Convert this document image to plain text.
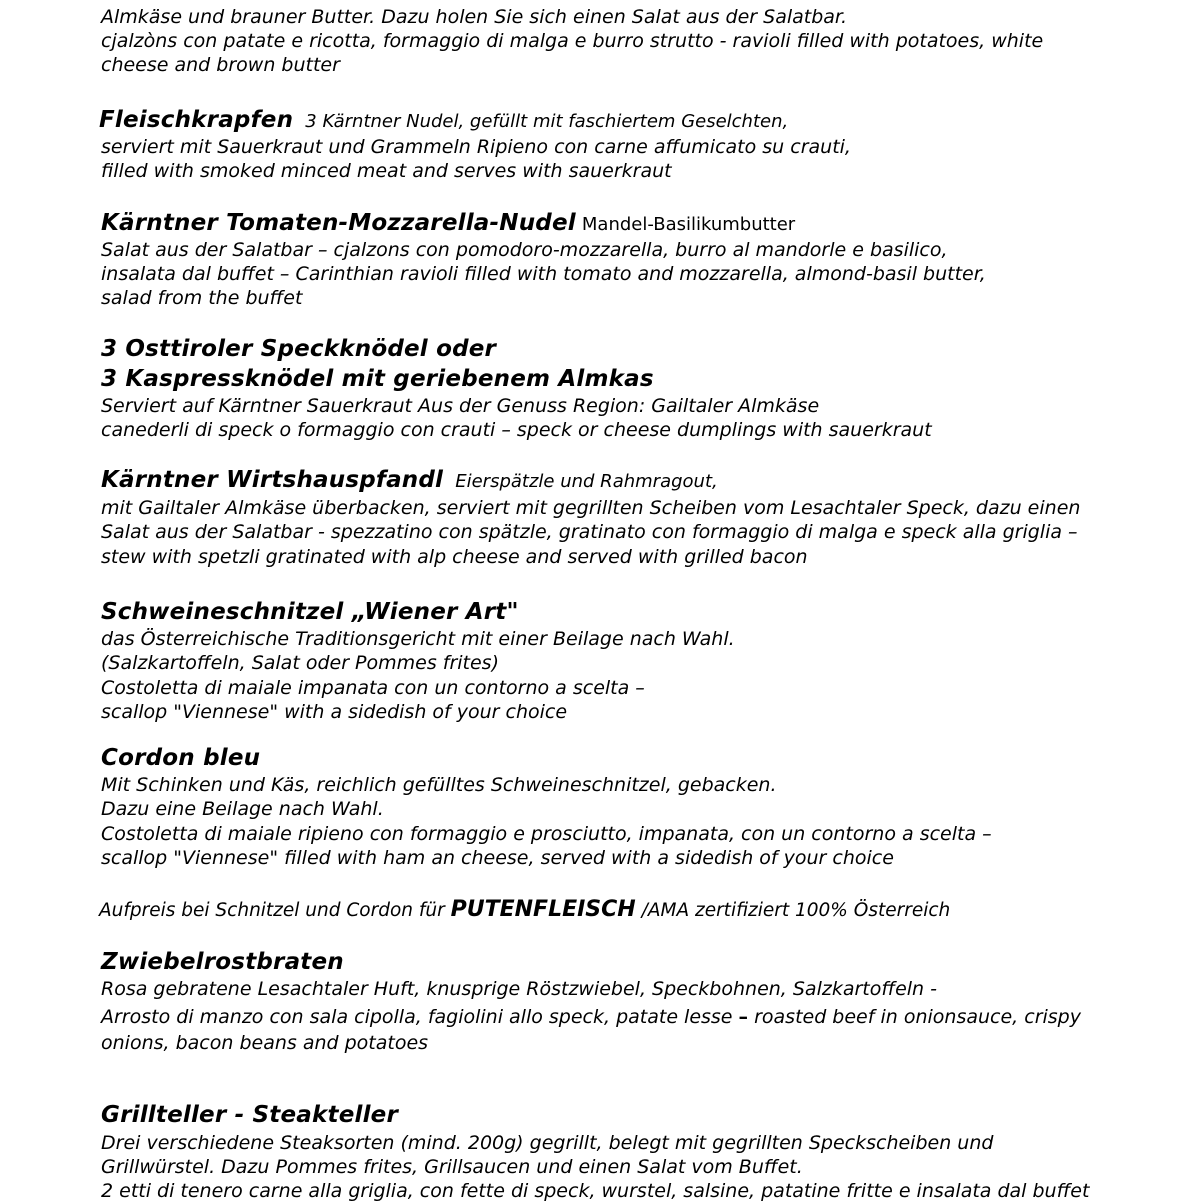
Almkäse und brauner Butter. Dazu holen Sie sich einen Salat aus der Salatbar.
cjalzòns con patate e ricotta, formaggio di malga e burro strutto - ravioli filled with potatoes, white
cheese and brown butter
Fleischkrapfen 3 Kärntner Nudel, gefüllt mit faschiertem Geselchten,
serviert mit Sauerkraut und Grammeln Ripieno con carne affumicato su crauti,
filled with smoked minced meat and serves with sauerkraut
Kärntner Tomaten-Mozzarella-Nudel Mandel-Basilikumbutter
Salat aus der Salatbar – cjalzons con pomodoro-mozzarella, burro al mandorle e basilico,
insalata dal buffet – Carinthian ravioli filled with tomato and mozzarella, almond-basil butter,
salad from the buffet
3 Osttiroler Speckknödel oder
3 Kaspressknödel mit geriebenem Almkas
Serviert auf Kärntner Sauerkraut Aus der Genuss Region: Gailtaler Almkäse
canederli di speck o formaggio con crauti – speck or cheese dumplings with sauerkraut
Kärntner Wirtshauspfandl Eierspätzle und Rahmragout,
mit Gailtaler Almkäse überbacken, serviert mit gegrillten Scheiben vom Lesachtaler Speck, dazu einen
Salat aus der Salatbar - spezzatino con spätzle, gratinato con formaggio di malga e speck alla griglia –
stew with spetzli gratinated with alp cheese and served with grilled bacon
Schweineschnitzel „Wiener Art"
das Österreichische Traditionsgericht mit einer Beilage nach Wahl.
(Salzkartoffeln, Salat oder Pommes frites)
Costoletta di maiale impanata con un contorno a scelta –
scallop "Viennese" with a sidedish of your choice
Cordon bleu
Mit Schinken und Käs, reichlich gefülltes Schweineschnitzel, gebacken.
Dazu eine Beilage nach Wahl.
Costoletta di maiale ripieno con formaggio e prosciutto, impanata, con un contorno a scelta –
scallop "Viennese" filled with ham an cheese, served with a sidedish of your choice
Aufpreis bei Schnitzel und Cordon für PUTENFLEISCH /AMA zertifiziert 100% Österreich
Zwiebelrostbraten
Rosa gebratene Lesachtaler Huft, knusprige Röstzwiebel, Speckbohnen, Salzkartoffeln -
Arrosto di manzo con sala cipolla, fagiolini allo speck, patate lesse – roasted beef in onionsauce, crispy
onions, bacon beans and potatoes
Grillteller - Steakteller
Drei verschiedene Steaksorten (mind. 200g) gegrillt, belegt mit gegrillten Speckscheiben und
Grillwürstel. Dazu Pommes frites, Grillsaucen und einen Salat vom Buffet.
2 etti di tenero carne alla griglia, con fette di speck, wurstel, salsine, patatine fritte e insalata dal buffet
